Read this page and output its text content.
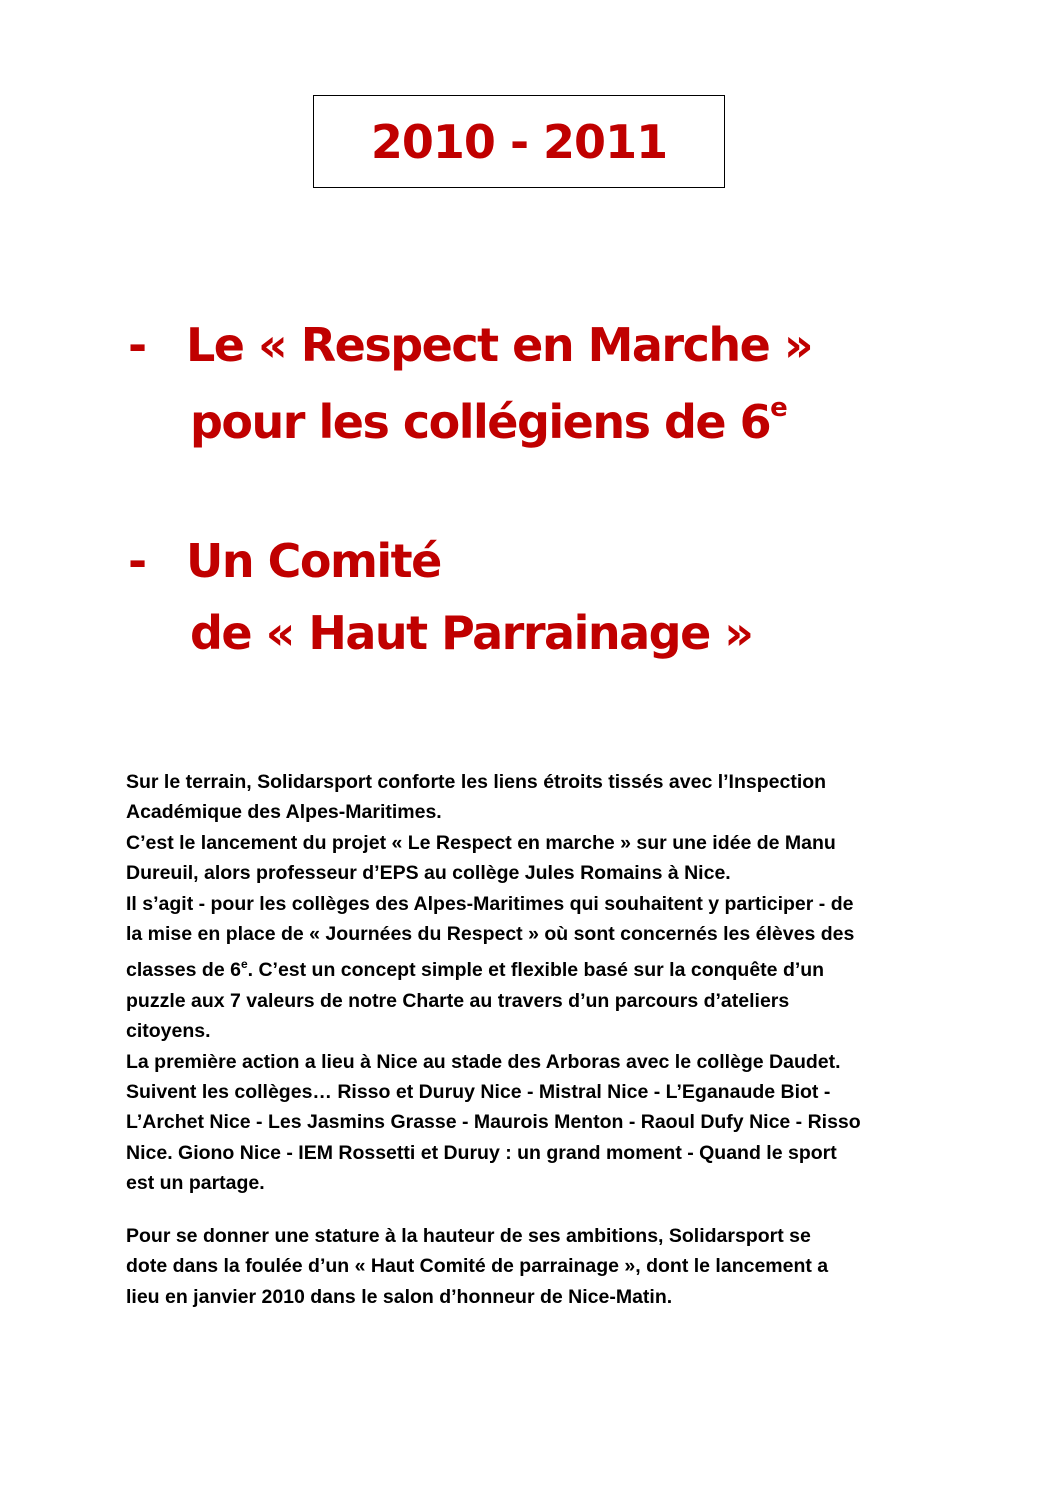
2010 - 2011
- Le « Respect en Marche »
pour les collégiens de 6e
- Un Comité
de « Haut Parrainage »

Sur le terrain, Solidarsport conforte les liens étroits tissés avec l’Inspection

Académique des Alpes-Maritimes.

C’est le lancement du projet « Le Respect en marche » sur une idée de Manu

Dureuil, alors professeur d’EPS au collège Jules Romains à Nice.

Il s’agit - pour les collèges des Alpes-Maritimes qui souhaitent y participer - de

la mise en place de « Journées du Respect » où sont concernés les élèves des

classes de 6e. C’est un concept simple et flexible basé sur la conquête d’un

puzzle aux 7 valeurs de notre Charte au travers d’un parcours d’ateliers

citoyens.

La première action a lieu à Nice au stade des Arboras avec le collège Daudet.

Suivent les collèges… Risso et Duruy Nice - Mistral Nice - L’Eganaude Biot -

L’Archet Nice - Les Jasmins Grasse - Maurois Menton - Raoul Dufy Nice - Risso

Nice. Giono Nice - IEM Rossetti et Duruy : un grand moment - Quand le sport

est un partage.

Pour se donner une stature à la hauteur de ses ambitions, Solidarsport se

dote dans la foulée d’un « Haut Comité de parrainage », dont le lancement a

lieu en janvier 2010 dans le salon d’honneur de Nice-Matin.
